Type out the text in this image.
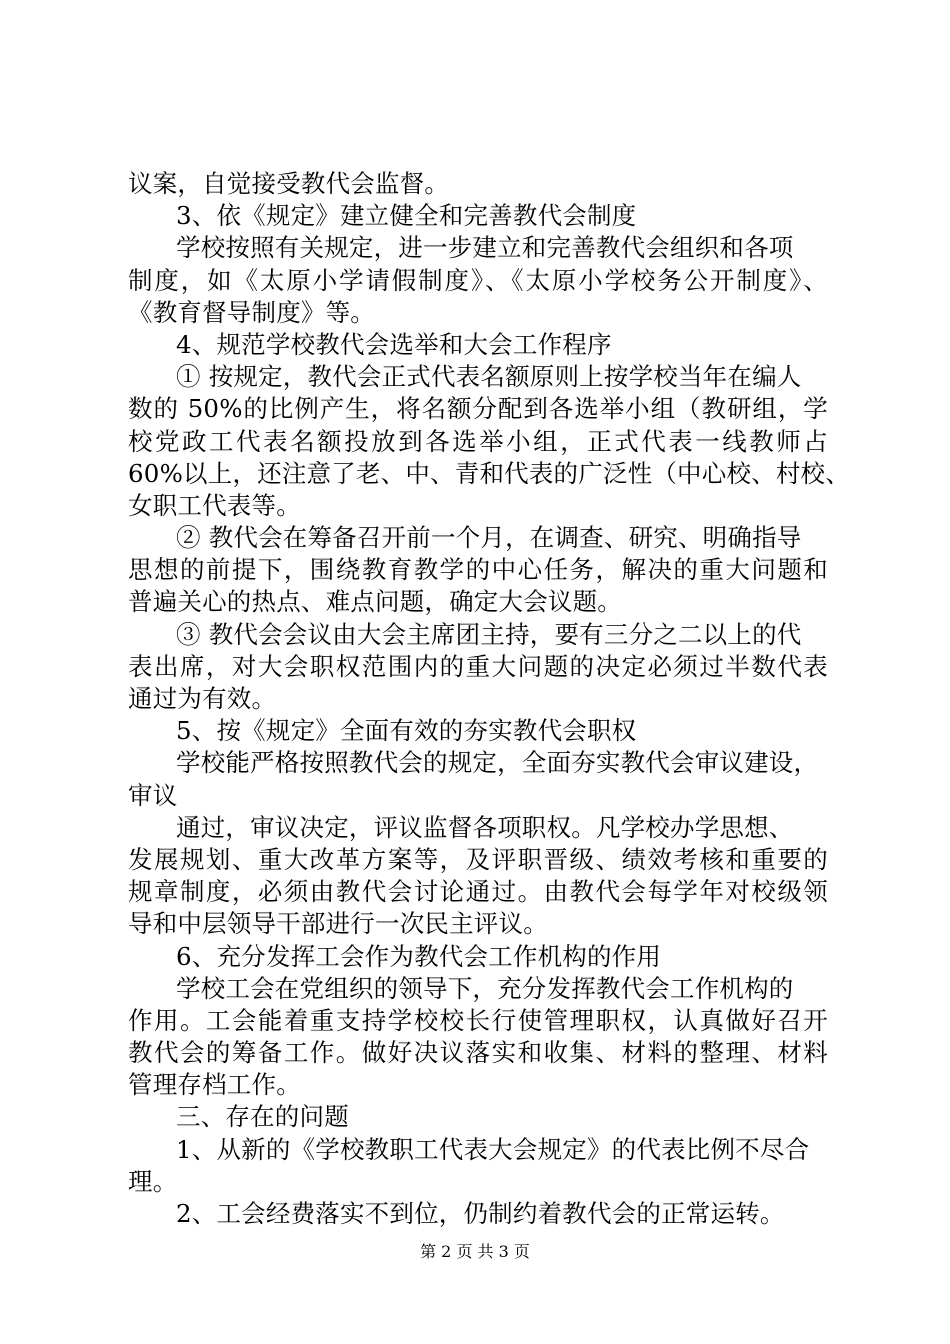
议案，自觉接受教代会监督。
3、依《规定》建立健全和完善教代会制度
学校按照有关规定，进一步建立和完善教代会组织和各项
制度，如《太原小学请假制度》、《太原小学校务公开制度》、
《教育督导制度》等。
4、规范学校教代会选举和大会工作程序
① 按规定，教代会正式代表名额原则上按学校当年在编人
数的 50%的比例产生，将名额分配到各选举小组（教研组，学
校党政工代表名额投放到各选举小组，正式代表一线教师占
60%以上，还注意了老、中、青和代表的广泛性（中心校、村校、
女职工代表等。
② 教代会在筹备召开前一个月，在调查、研究、明确指导
思想的前提下，围绕教育教学的中心任务，解决的重大问题和
普遍关心的热点、难点问题，确定大会议题。
③ 教代会会议由大会主席团主持，要有三分之二以上的代
表出席，对大会职权范围内的重大问题的决定必须过半数代表
通过为有效。
5、按《规定》全面有效的夯实教代会职权
学校能严格按照教代会的规定，全面夯实教代会审议建设，
审议
通过，审议决定，评议监督各项职权。凡学校办学思想、
发展规划、重大改革方案等，及评职晋级、绩效考核和重要的
规章制度，必须由教代会讨论通过。由教代会每学年对校级领
导和中层领导干部进行一次民主评议。
6、充分发挥工会作为教代会工作机构的作用
学校工会在党组织的领导下，充分发挥教代会工作机构的
作用。工会能着重支持学校校长行使管理职权，认真做好召开
教代会的筹备工作。做好决议落实和收集、材料的整理、材料
管理存档工作。
三、存在的问题
1、从新的《学校教职工代表大会规定》的代表比例不尽合
理。
2、工会经费落实不到位，仍制约着教代会的正常运转。
第 2 页 共 3 页
